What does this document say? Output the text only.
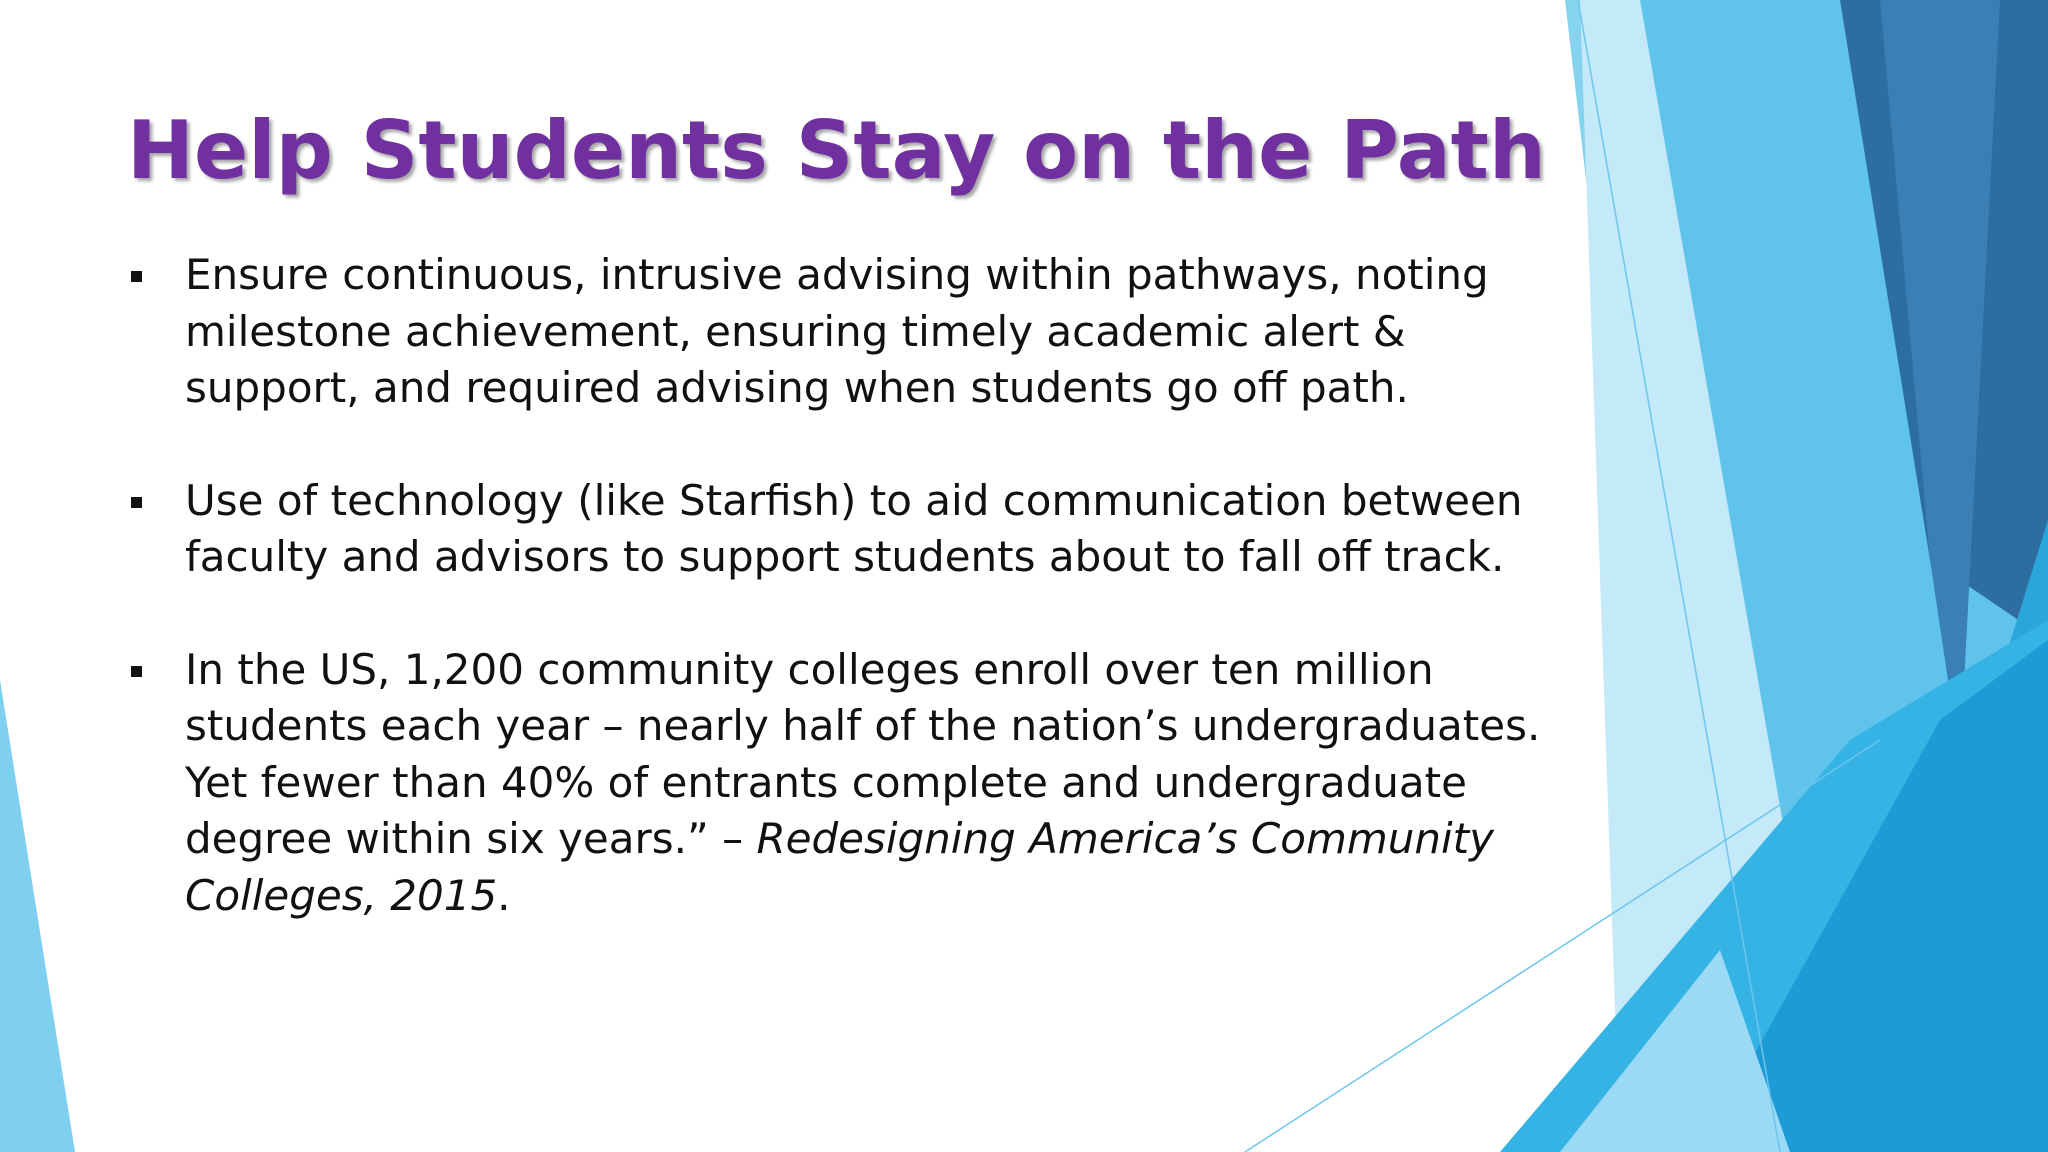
Help Students Stay on the Path
Ensure continuous, intrusive advising within pathways, noting milestone achievement, ensuring timely academic alert & support, and required advising when students go off path.
Use of technology (like Starfish) to aid communication between faculty and advisors to support students about to fall off track.
In the US, 1,200 community colleges enroll over ten million students each year – nearly half of the nation’s undergraduates. Yet fewer than 40% of entrants complete and undergraduate degree within six years.” – Redesigning America’s Community Colleges, 2015.
